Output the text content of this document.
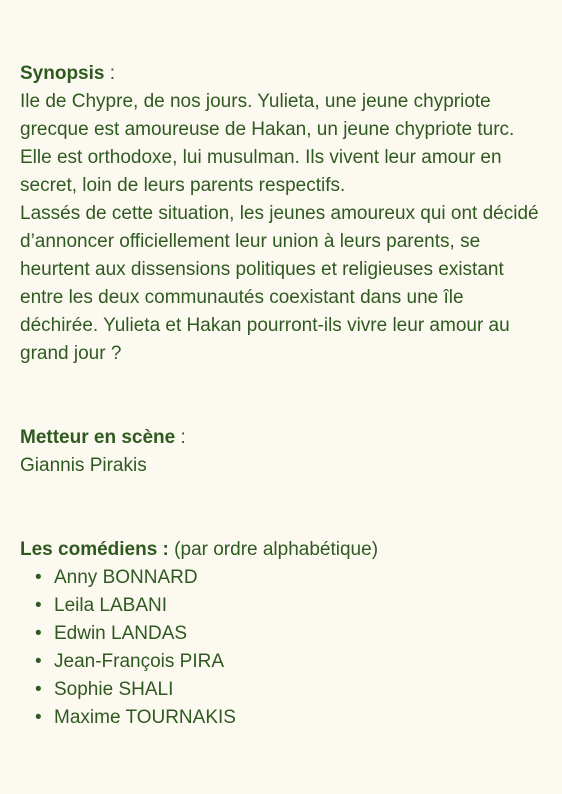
Synopsis :

Ile de Chypre, de nos jours. Yulieta, une jeune chypriote grecque est amoureuse de Hakan, un jeune chypriote turc. Elle est orthodoxe, lui musulman. Ils vivent leur amour en secret, loin de leurs parents respectifs.

Lassés de cette situation, les jeunes amoureux qui ont décidé d’annoncer officiellement leur union à leurs parents, se heurtent aux dissensions politiques et religieuses existant entre les deux communautés coexistant dans une île déchirée. Yulieta et Hakan pourront-ils vivre leur amour au grand jour ?

Metteur en scène :

Giannis Pirakis

Les comédiens : (par ordre alphabétique)

• Anny BONNARD
• Leila LABANI
• Edwin LANDAS
• Jean-François PIRA
• Sophie SHALI
• Maxime TOURNAKIS
